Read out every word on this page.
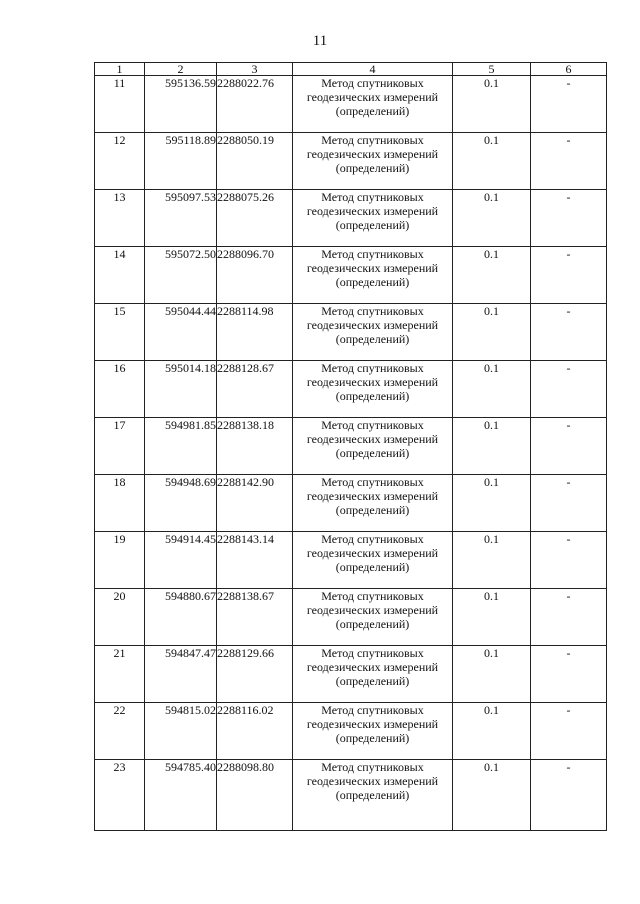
11
1	2	3	4	5	6
11	595136.59	2288022.76	Метод спутниковых геодезических измерений (определений)	0.1	-
12	595118.89	2288050.19	Метод спутниковых геодезических измерений (определений)	0.1	-
13	595097.53	2288075.26	Метод спутниковых геодезических измерений (определений)	0.1	-
14	595072.50	2288096.70	Метод спутниковых геодезических измерений (определений)	0.1	-
15	595044.44	2288114.98	Метод спутниковых геодезических измерений (определений)	0.1	-
16	595014.18	2288128.67	Метод спутниковых геодезических измерений (определений)	0.1	-
17	594981.85	2288138.18	Метод спутниковых геодезических измерений (определений)	0.1	-
18	594948.69	2288142.90	Метод спутниковых геодезических измерений (определений)	0.1	-
19	594914.45	2288143.14	Метод спутниковых геодезических измерений (определений)	0.1	-
20	594880.67	2288138.67	Метод спутниковых геодезических измерений (определений)	0.1	-
21	594847.47	2288129.66	Метод спутниковых геодезических измерений (определений)	0.1	-
22	594815.02	2288116.02	Метод спутниковых геодезических измерений (определений)	0.1	-
23	594785.40	2288098.80	Метод спутниковых геодезических измерений (определений)	0.1	-
